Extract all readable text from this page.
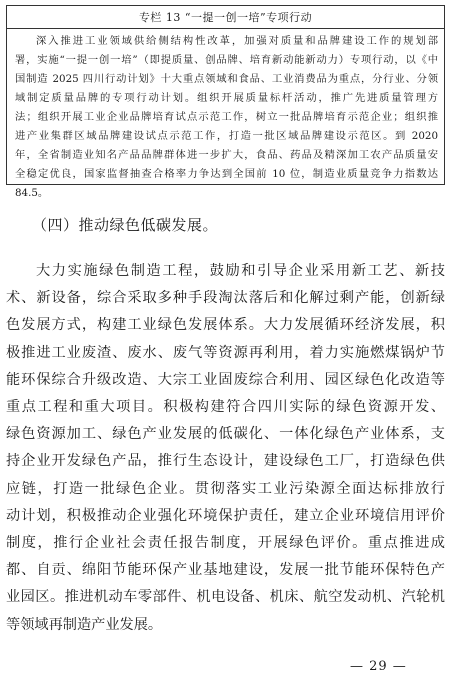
专栏 13 “一提一创一培”专项行动
深入推进工业领域供给侧结构性改革，加强对质量和品牌建设工作的规划部
署，实施“一提一创一培”（即提质量、创品牌、培育新动能新动力）专项行动，以《中
国制造 2025 四川行动计划》十大重点领域和食品、工业消费品为重点，分行业、分领
域制定质量品牌的专项行动计划。组织开展质量标杆活动，推广先进质量管理方
法；组织开展工业企业品牌培育试点示范工作，树立一批品牌培育示范企业；组织推
进产业集群区域品牌建设试点示范工作，打造一批区域品牌建设示范区。到 2020
年，全省制造业知名产品品牌群体进一步扩大，食品、药品及精深加工农产品质量安
全稳定优良，国家监督抽查合格率力争达到全国前 10 位，制造业质量竞争力指数达
84.5。
（四）推动绿色低碳发展。
大力实施绿色制造工程，鼓励和引导企业采用新工艺、新技
术、新设备，综合采取多种手段淘汰落后和化解过剩产能，创新绿
色发展方式，构建工业绿色发展体系。大力发展循环经济发展，积
极推进工业废渣、废水、废气等资源再利用，着力实施燃煤锅炉节
能环保综合升级改造、大宗工业固废综合利用、园区绿色化改造等
重点工程和重大项目。积极构建符合四川实际的绿色资源开发、
绿色资源加工、绿色产业发展的低碳化、一体化绿色产业体系，支
持企业开发绿色产品，推行生态设计，建设绿色工厂，打造绿色供
应链，打造一批绿色企业。贯彻落实工业污染源全面达标排放行
动计划，积极推动企业强化环境保护责任，建立企业环境信用评价
制度，推行企业社会责任报告制度，开展绿色评价。重点推进成
都、自贡、绵阳节能环保产业基地建设，发展一批节能环保特色产
业园区。推进机动车零部件、机电设备、机床、航空发动机、汽轮机
等领域再制造产业发展。
— 29 —
